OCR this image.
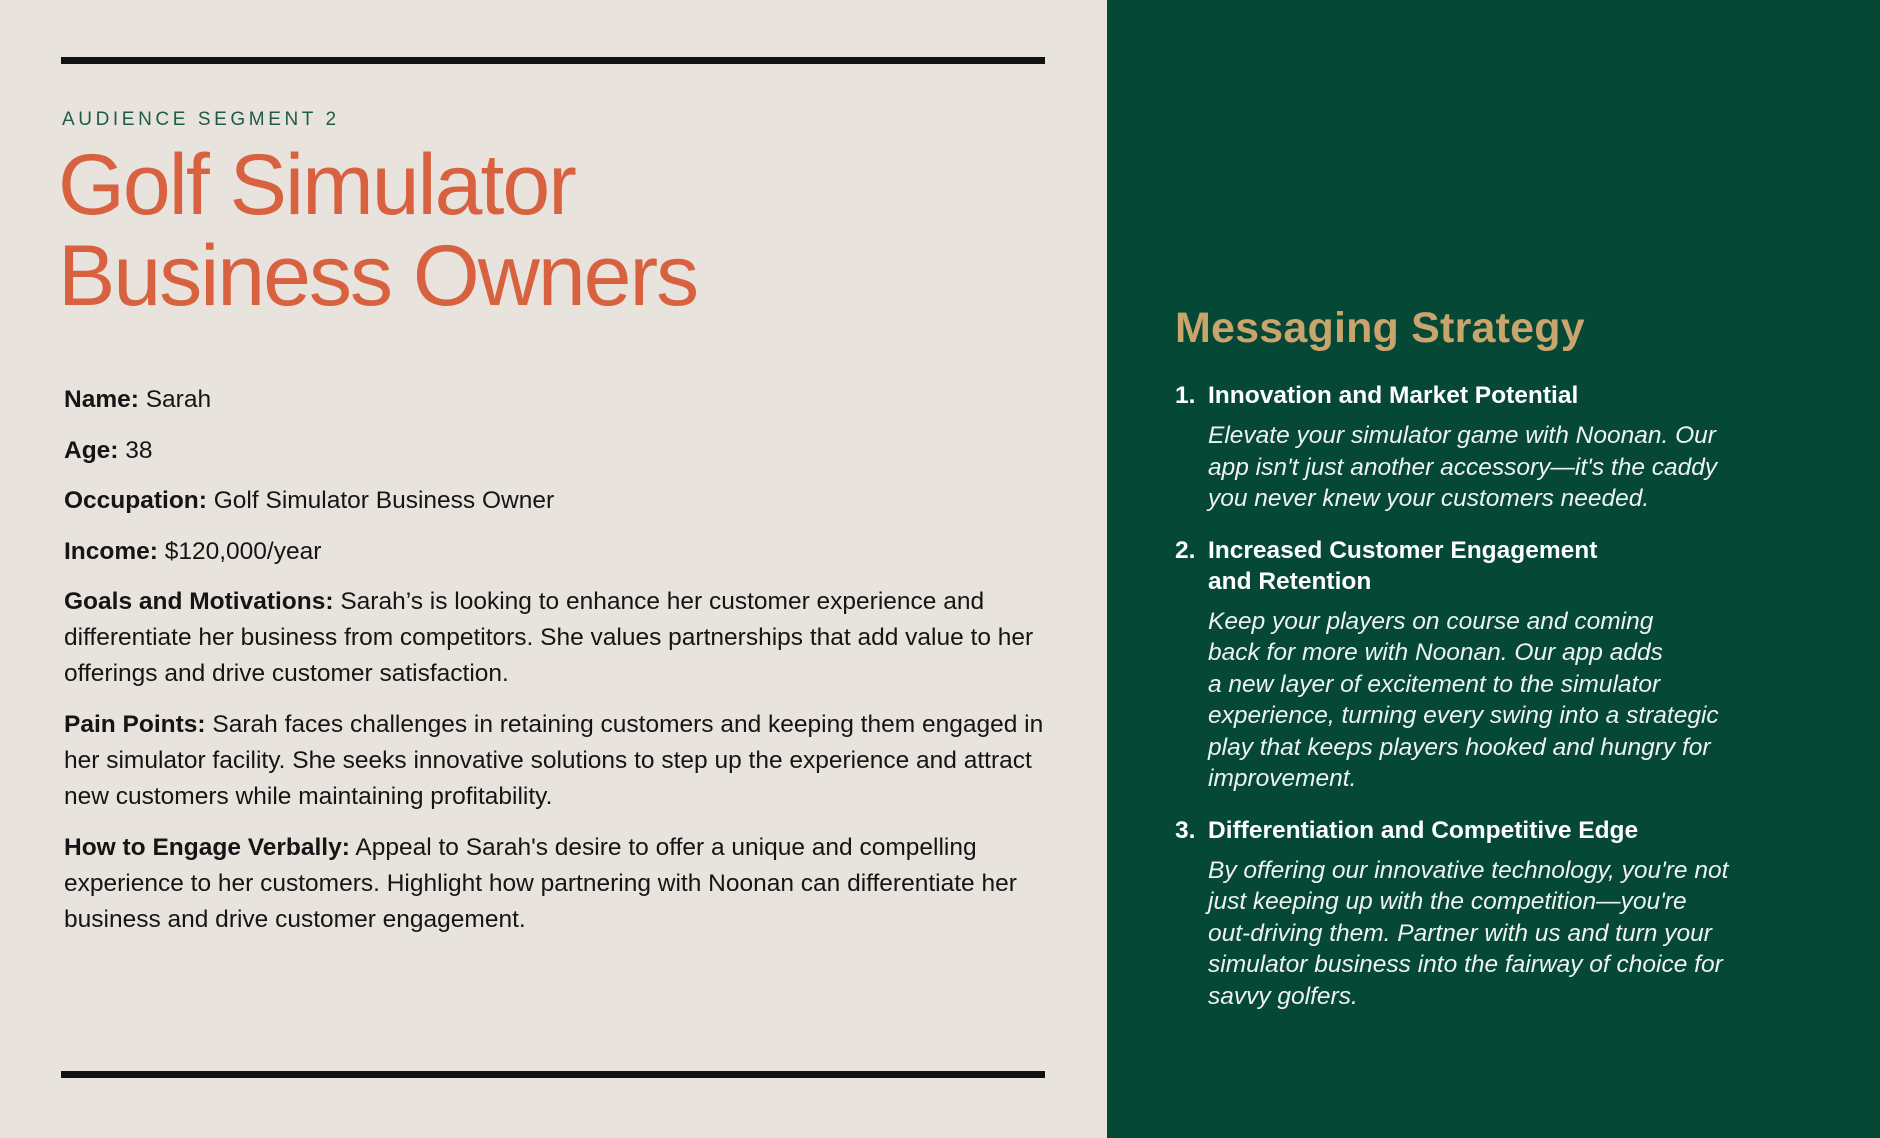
AUDIENCE SEGMENT 2
Golf Simulator
Business Owners

Name: Sarah

Age: 38

Occupation: Golf Simulator Business Owner

Income: $120,000/year

Goals and Motivations: Sarah’s is looking to enhance her customer experience and differentiate her business from competitors. She values partnerships that add value to her offerings and drive customer satisfaction.

Pain Points: Sarah faces challenges in retaining customers and keeping them engaged in her simulator facility. She seeks innovative solutions to step up the experience and attract new customers while maintaining profitability.

How to Engage Verbally: Appeal to Sarah's desire to offer a unique and compelling experience to her customers. Highlight how partnering with Noonan can differentiate her business and drive customer engagement.

Messaging Strategy
1. Innovation and Market Potential
Elevate your simulator game with Noonan. Our
app isn't just another accessory—it's the caddy
you never knew your customers needed.
2. Increased Customer Engagement
and Retention
Keep your players on course and coming
back for more with Noonan. Our app adds
a new layer of excitement to the simulator
experience, turning every swing into a strategic
play that keeps players hooked and hungry for
improvement.
3. Differentiation and Competitive Edge
By offering our innovative technology, you're not
just keeping up with the competition—you're
out-driving them. Partner with us and turn your
simulator business into the fairway of choice for
savvy golfers.
